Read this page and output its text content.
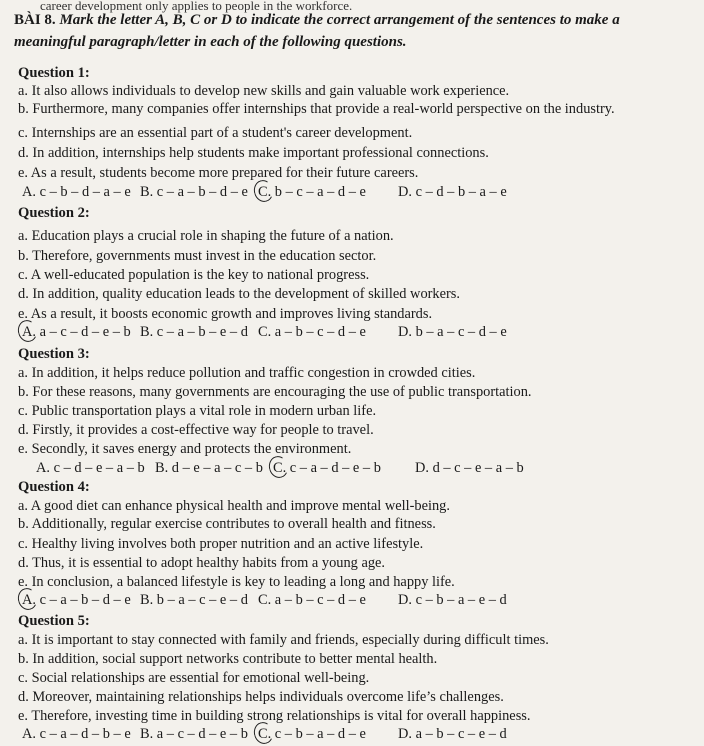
career development only applies to people in the workforce.
BÀI 8. Mark the letter A, B, C or D to indicate the correct arrangement of the sentences to make a
meaningful paragraph/letter in each of the following questions.
Question 1:
a. It also allows individuals to develop new skills and gain valuable work experience.
b. Furthermore, many companies offer internships that provide a real-world perspective on the industry.
c. Internships are an essential part of a student's career development.
d. In addition, internships help students make important professional connections.
e. As a result, students become more prepared for their future careers.
A. c – b – d – a – e B. c – a – b – d – e C. b – c – a – d – e D. c – d – b – a – e
Question 2:
a. Education plays a crucial role in shaping the future of a nation.
b. Therefore, governments must invest in the education sector.
c. A well-educated population is the key to national progress.
d. In addition, quality education leads to the development of skilled workers.
e. As a result, it boosts economic growth and improves living standards.
A. a – c – d – e – b B. c – a – b – e – d C. a – b – c – d – e D. b – a – c – d – e
Question 3:
a. In addition, it helps reduce pollution and traffic congestion in crowded cities.
b. For these reasons, many governments are encouraging the use of public transportation.
c. Public transportation plays a vital role in modern urban life.
d. Firstly, it provides a cost-effective way for people to travel.
e. Secondly, it saves energy and protects the environment.
A. c – d – e – a – b B. d – e – a – c – b C. c – a – d – e – b D. d – c – e – a – b
Question 4:
a. A good diet can enhance physical health and improve mental well-being.
b. Additionally, regular exercise contributes to overall health and fitness.
c. Healthy living involves both proper nutrition and an active lifestyle.
d. Thus, it is essential to adopt healthy habits from a young age.
e. In conclusion, a balanced lifestyle is key to leading a long and happy life.
A. c – a – b – d – e B. b – a – c – e – d C. a – b – c – d – e D. c – b – a – e – d
Question 5:
a. It is important to stay connected with family and friends, especially during difficult times.
b. In addition, social support networks contribute to better mental health.
c. Social relationships are essential for emotional well-being.
d. Moreover, maintaining relationships helps individuals overcome life’s challenges.
e. Therefore, investing time in building strong relationships is vital for overall happiness.
A. c – a – d – b – e B. a – c – d – e – b C. c – b – a – d – e D. a – b – c – e – d
